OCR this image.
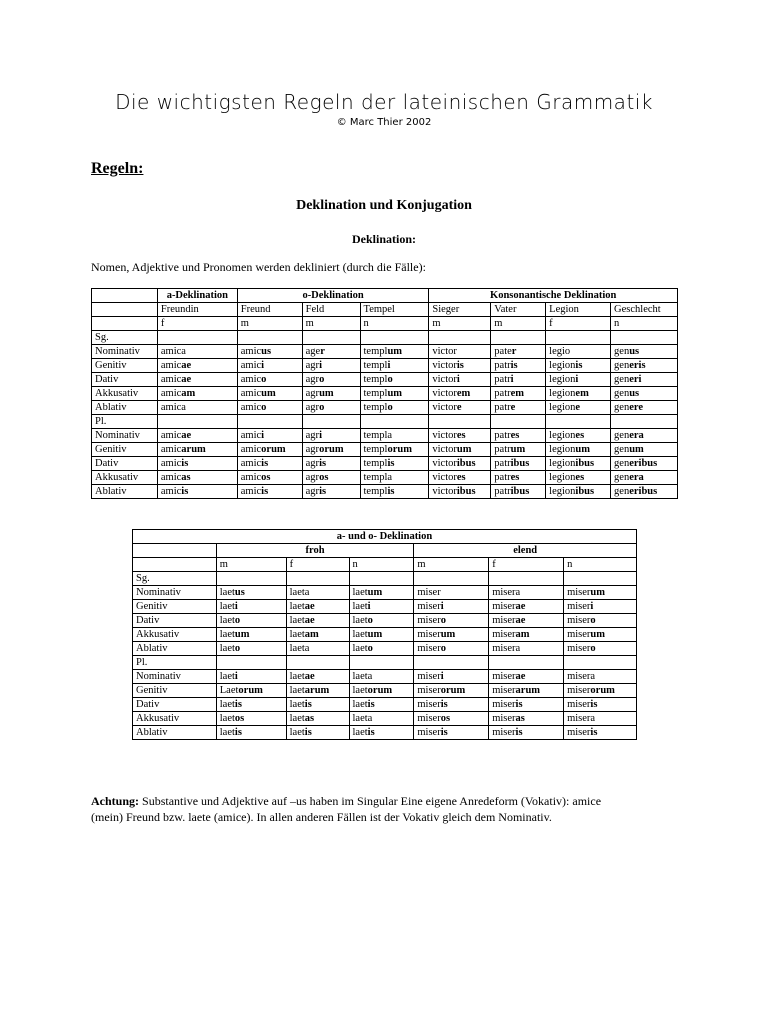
Die wichtigsten Regeln der lateinischen Grammatik
© Marc Thier 2002
Regeln:
Deklination und Konjugation
Deklination:
Nomen, Adjektive und Pronomen werden dekliniert (durch die Fälle):
	a-Deklination	o-Deklination			Konsonantische Deklination			
	Freundin	Freund	Feld	Tempel	Sieger	Vater	Legion	Geschlecht
	f	m	m	n	m	m	f	n
Sg.								
Nominativ	amica	amicus	ager	templum	victor	pater	legio	genus
Genitiv	amicae	amici	agri	templi	victoris	patris	legionis	generis
Dativ	amicae	amico	agro	templo	victori	patri	legioni	generi
Akkusativ	amicam	amicum	agrum	templum	victorem	patrem	legionem	genus
Ablativ	amica	amico	agro	templo	victore	patre	legione	genere
Pl.								
Nominativ	amicae	amici	agri	templa	victores	patres	legiones	genera
Genitiv	amicarum	amicorum	agrorum	templorum	victorum	patrum	legionum	genum
Dativ	amicis	amicis	agris	templis	victoribus	patribus	legionibus	generibus
Akkusativ	amicas	amicos	agros	templa	victores	patres	legiones	genera
Ablativ	amicis	amicis	agris	templis	victoribus	patribus	legionibus	generibus
a- und o- Deklination						
	froh			elend		
	m	f	n	m	f	n
Sg.						
Nominativ	laetus	laeta	laetum	miser	misera	miserum
Genitiv	laeti	laetae	laeti	miseri	miserae	miseri
Dativ	laeto	laetae	laeto	misero	miserae	misero
Akkusativ	laetum	laetam	laetum	miserum	miseram	miserum
Ablativ	laeto	laeta	laeto	misero	misera	misero
Pl.						
Nominativ	laeti	laetae	laeta	miseri	miserae	misera
Genitiv	Laetorum	laetarum	laetorum	miserorum	miserarum	miserorum
Dativ	laetis	laetis	laetis	miseris	miseris	miseris
Akkusativ	laetos	laetas	laeta	miseros	miseras	misera
Ablativ	laetis	laetis	laetis	miseris	miseris	miseris
Achtung: Substantive und Adjektive auf –us haben im Singular Eine eigene Anredeform (Vokativ): amice
(mein) Freund bzw. laete (amice). In allen anderen Fällen ist der Vokativ gleich dem Nominativ.
